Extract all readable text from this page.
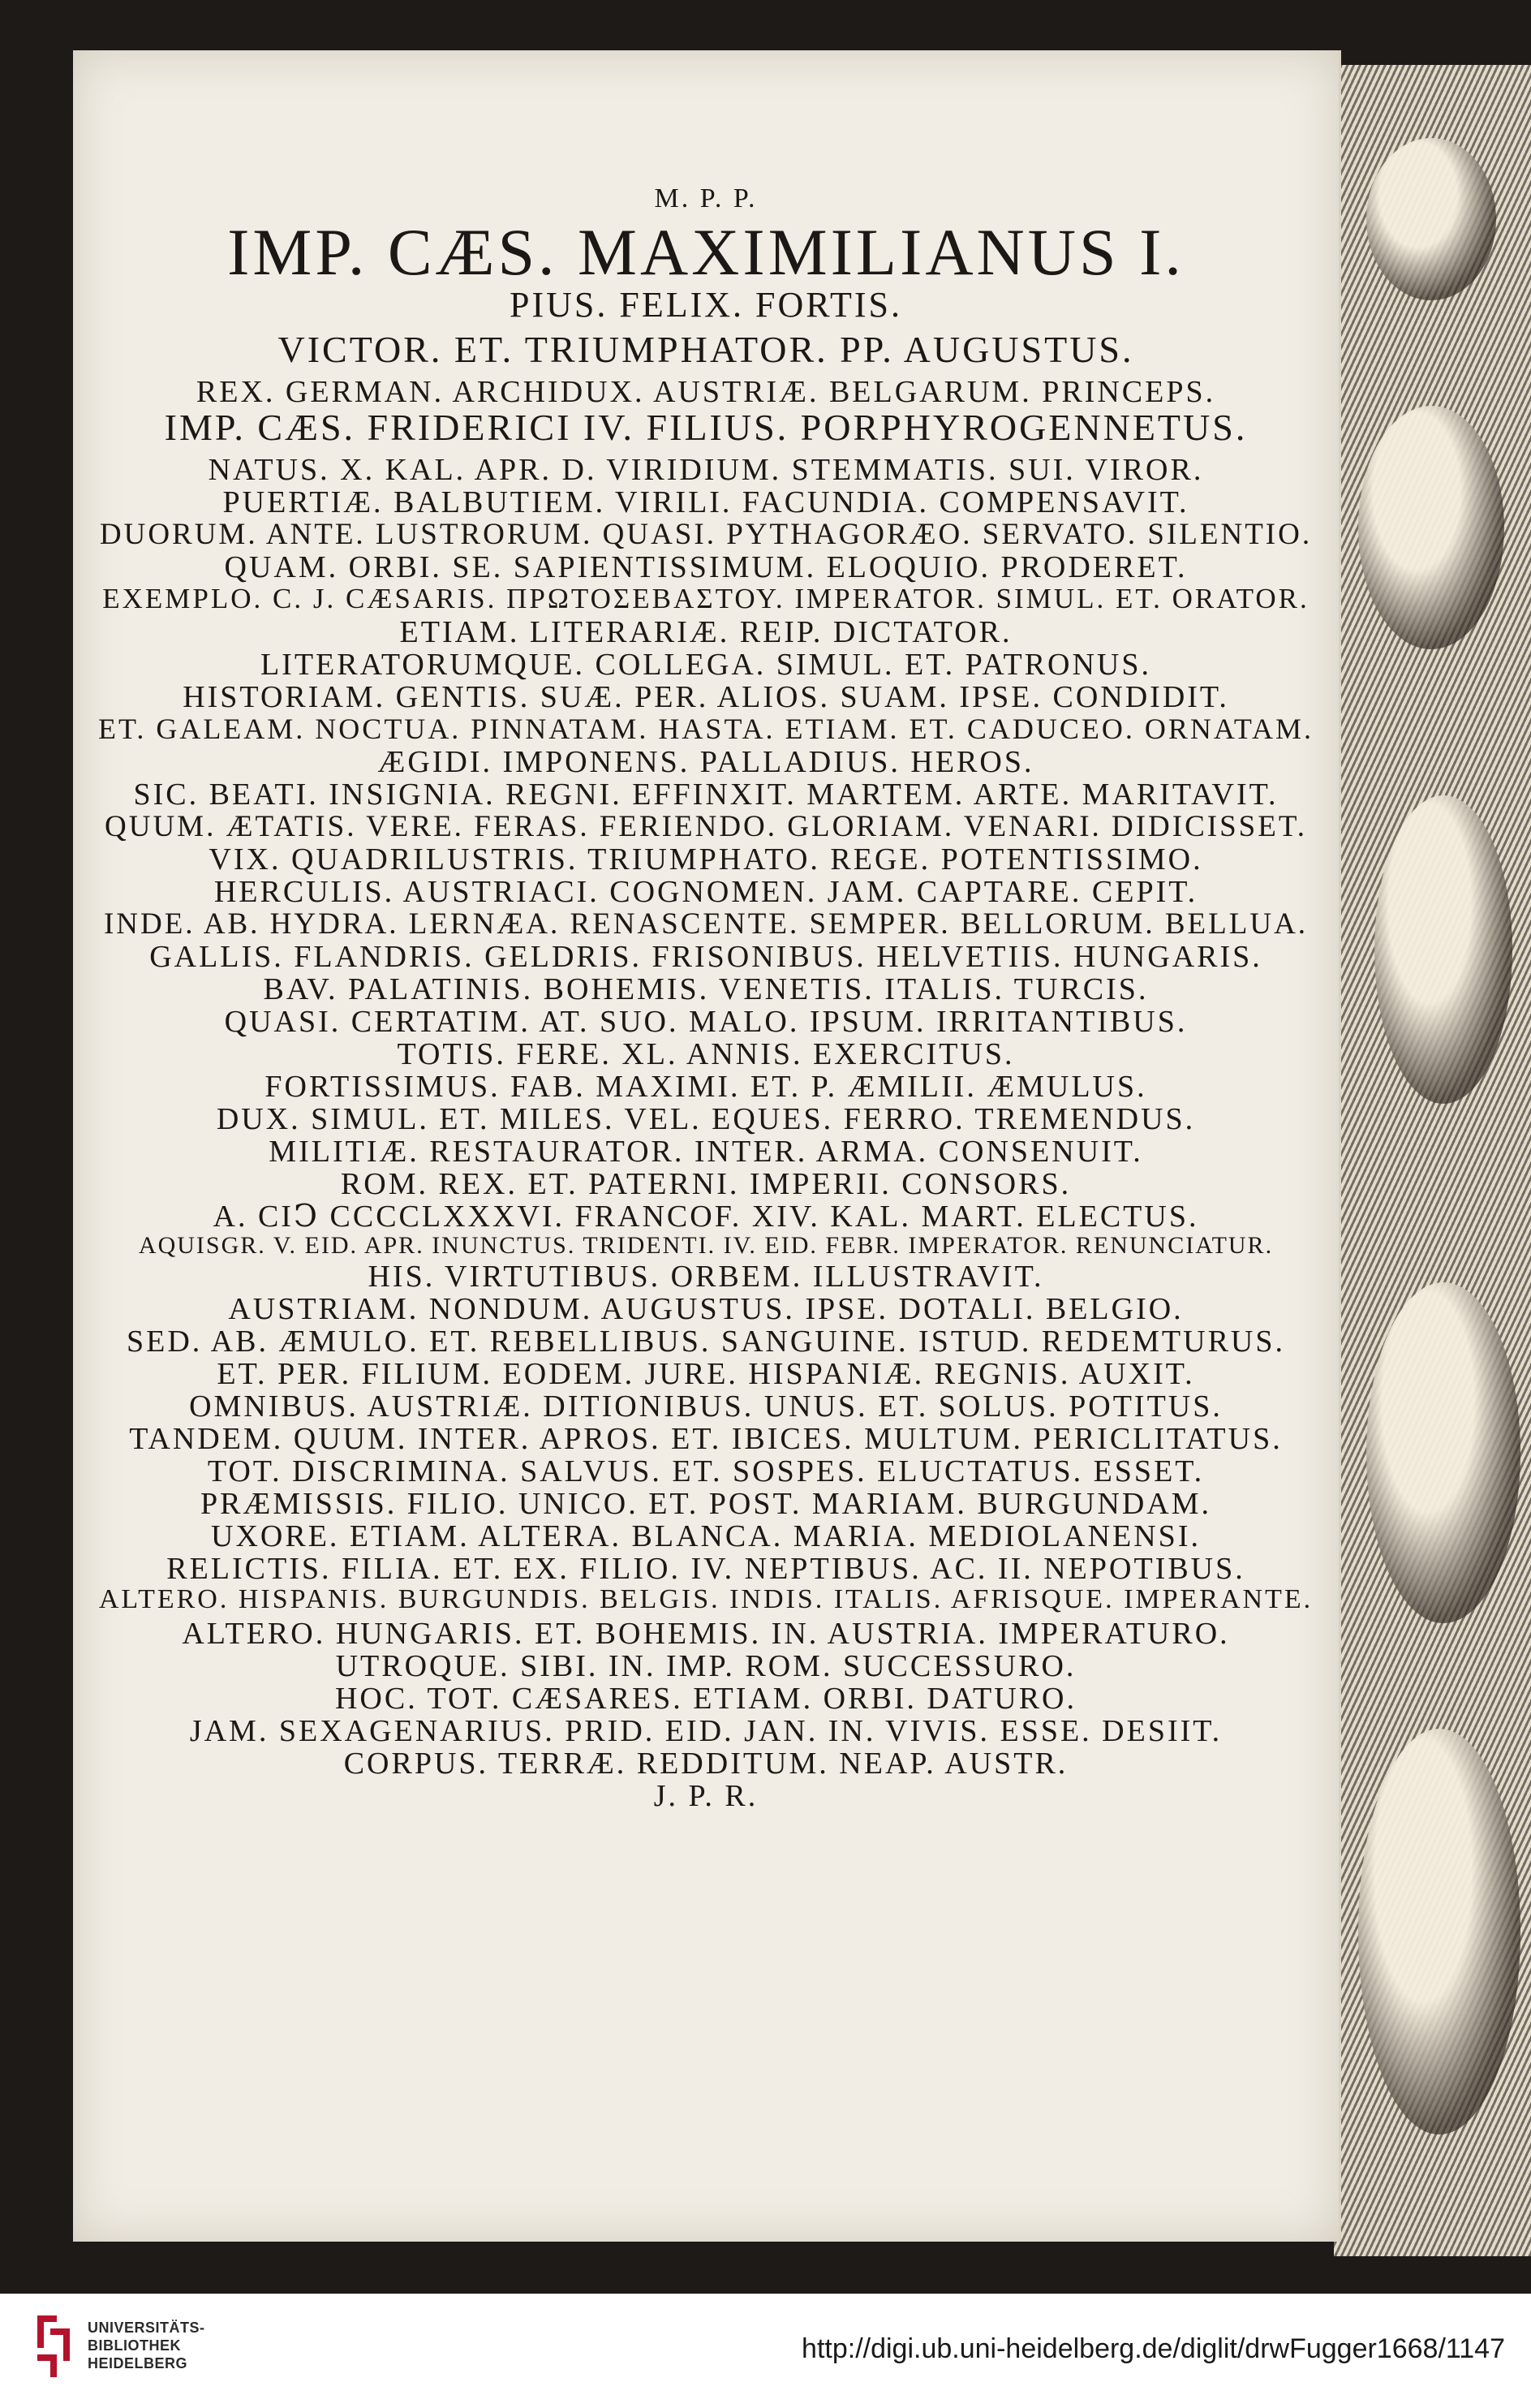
M. P. P.
IMP. CÆS. MAXIMILIANUS I.
PIUS. FELIX. FORTIS.
VICTOR. ET. TRIUMPHATOR. PP. AUGUSTUS.
REX. GERMAN. ARCHIDUX. AUSTRIÆ. BELGARUM. PRINCEPS.
IMP. CÆS. FRIDERICI IV. FILIUS. PORPHYROGENNETUS.
NATUS. X. KAL. APR. D. VIRIDIUM. STEMMATIS. SUI. VIROR.
PUERTIÆ. BALBUTIEM. VIRILI. FACUNDIA. COMPENSAVIT.
DUORUM. ANTE. LUSTRORUM. QUASI. PYTHAGORÆO. SERVATO. SILENTIO.
QUAM. ORBI. SE. SAPIENTISSIMUM. ELOQUIO. PRODERET.
EXEMPLO. C. J. CÆSARIS. ΠΡΩΤΟΣΕΒΑΣΤΟΥ. IMPERATOR. SIMUL. ET. ORATOR.
ETIAM. LITERARIÆ. REIP. DICTATOR.
LITERATORUMQUE. COLLEGA. SIMUL. ET. PATRONUS.
HISTORIAM. GENTIS. SUÆ. PER. ALIOS. SUAM. IPSE. CONDIDIT.
ET. GALEAM. NOCTUA. PINNATAM. HASTA. ETIAM. ET. CADUCEO. ORNATAM.
ÆGIDI. IMPONENS. PALLADIUS. HEROS.
SIC. BEATI. INSIGNIA. REGNI. EFFINXIT. MARTEM. ARTE. MARITAVIT.
QUUM. ÆTATIS. VERE. FERAS. FERIENDO. GLORIAM. VENARI. DIDICISSET.
VIX. QUADRILUSTRIS. TRIUMPHATO. REGE. POTENTISSIMO.
HERCULIS. AUSTRIACI. COGNOMEN. JAM. CAPTARE. CEPIT.
INDE. AB. HYDRA. LERNÆA. RENASCENTE. SEMPER. BELLORUM. BELLUA.
GALLIS. FLANDRIS. GELDRIS. FRISONIBUS. HELVETIIS. HUNGARIS.
BAV. PALATINIS. BOHEMIS. VENETIS. ITALIS. TURCIS.
QUASI. CERTATIM. AT. SUO. MALO. IPSUM. IRRITANTIBUS.
TOTIS. FERE. XL. ANNIS. EXERCITUS.
FORTISSIMUS. FAB. MAXIMI. ET. P. ÆMILII. ÆMULUS.
DUX. SIMUL. ET. MILES. VEL. EQUES. FERRO. TREMENDUS.
MILITIÆ. RESTAURATOR. INTER. ARMA. CONSENUIT.
ROM. REX. ET. PATERNI. IMPERII. CONSORS.
A. CIↃ CCCCLXXXVI. FRANCOF. XIV. KAL. MART. ELECTUS.
AQUISGR. V. EID. APR. INUNCTUS. TRIDENTI. IV. EID. FEBR. IMPERATOR. RENUNCIATUR.
HIS. VIRTUTIBUS. ORBEM. ILLUSTRAVIT.
AUSTRIAM. NONDUM. AUGUSTUS. IPSE. DOTALI. BELGIO.
SED. AB. ÆMULO. ET. REBELLIBUS. SANGUINE. ISTUD. REDEMTURUS.
ET. PER. FILIUM. EODEM. JURE. HISPANIÆ. REGNIS. AUXIT.
OMNIBUS. AUSTRIÆ. DITIONIBUS. UNUS. ET. SOLUS. POTITUS.
TANDEM. QUUM. INTER. APROS. ET. IBICES. MULTUM. PERICLITATUS.
TOT. DISCRIMINA. SALVUS. ET. SOSPES. ELUCTATUS. ESSET.
PRÆMISSIS. FILIO. UNICO. ET. POST. MARIAM. BURGUNDAM.
UXORE. ETIAM. ALTERA. BLANCA. MARIA. MEDIOLANENSI.
RELICTIS. FILIA. ET. EX. FILIO. IV. NEPTIBUS. AC. II. NEPOTIBUS.
ALTERO. HISPANIS. BURGUNDIS. BELGIS. INDIS. ITALIS. AFRISQUE. IMPERANTE.
ALTERO. HUNGARIS. ET. BOHEMIS. IN. AUSTRIA. IMPERATURO.
UTROQUE. SIBI. IN. IMP. ROM. SUCCESSURO.
HOC. TOT. CÆSARES. ETIAM. ORBI. DATURO.
JAM. SEXAGENARIUS. PRID. EID. JAN. IN. VIVIS. ESSE. DESIIT.
CORPUS. TERRÆ. REDDITUM. NEAP. AUSTR.
J. P. R.
UNIVERSITÄTS-
BIBLIOTHEK
HEIDELBERG	http://digi.ub.uni-heidelberg.de/diglit/drwFugger1668/1147
